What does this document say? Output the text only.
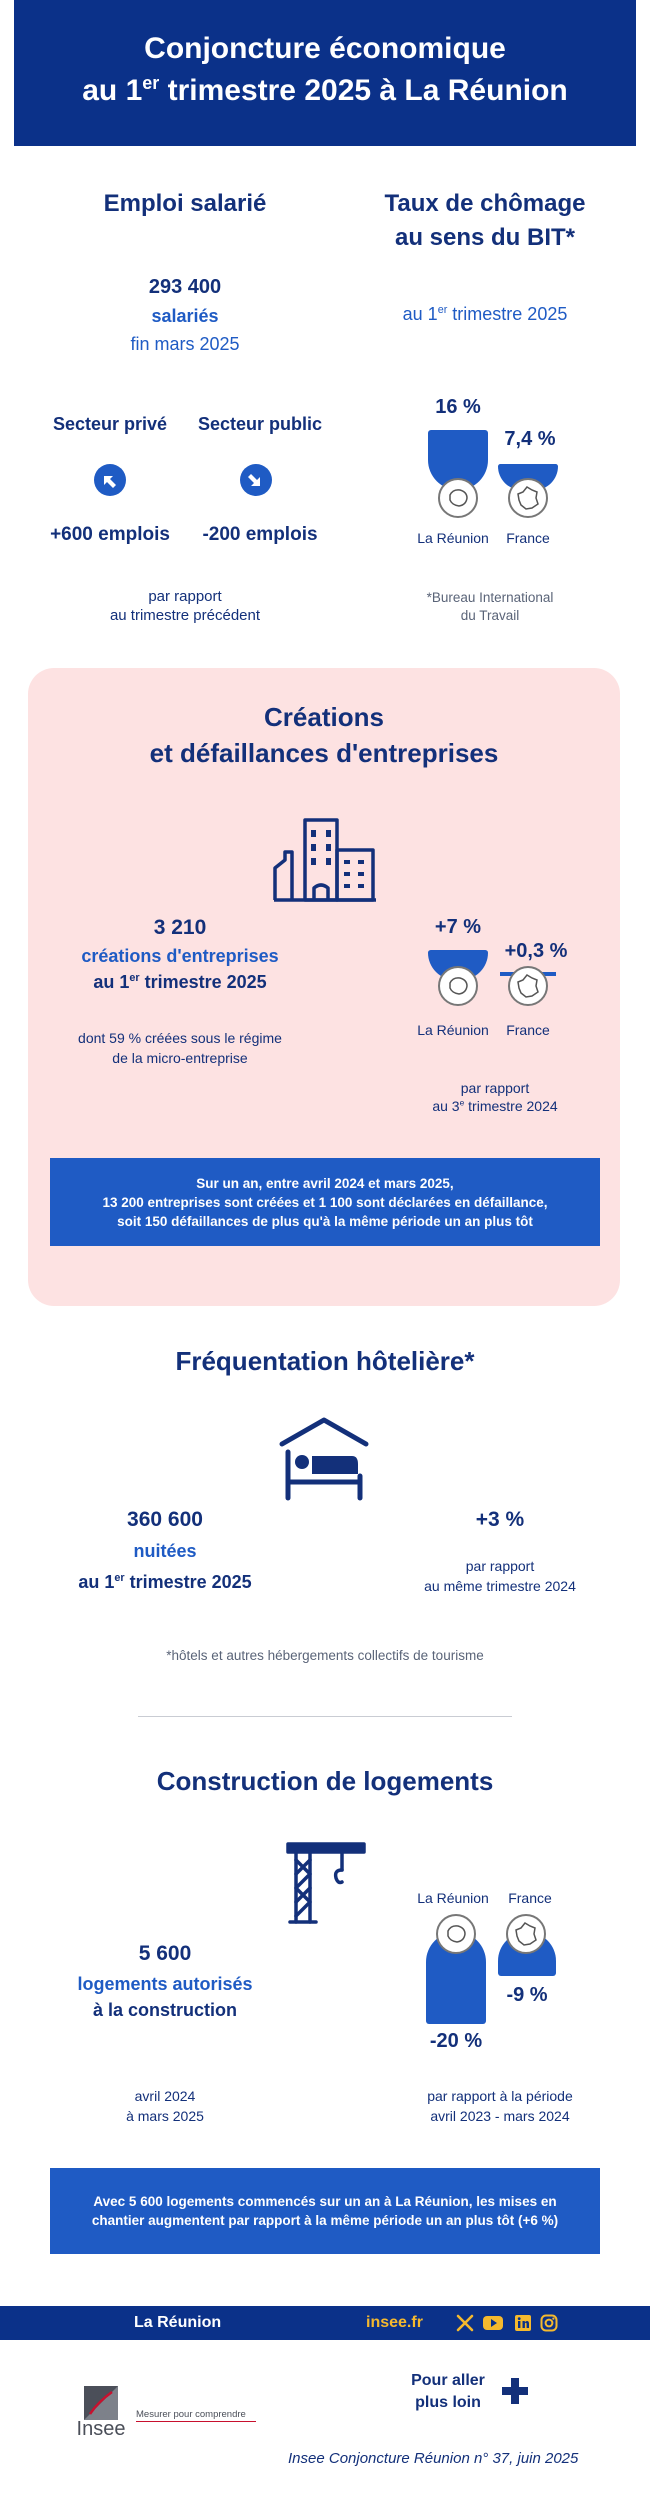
Conjoncture économique
au 1er trimestre 2025 à La Réunion
Emploi salarié
293 400
salariés
fin mars 2025
Secteur privé	Secteur public
+600 emplois	-200 emplois
par rapport
au trimestre précédent
Taux de chômage
au sens du BIT*
au 1er trimestre 2025
16 %
7,4 %
La Réunion	France
*Bureau International
du Travail
Créations
et défaillances d'entreprises
3 210
créations d'entreprises
au 1er trimestre 2025
dont 59 % créées sous le régime
de la micro-entreprise
+7 %
+0,3 %
La Réunion	France
par rapport
au 3e trimestre 2024
Sur un an, entre avril 2024 et mars 2025,
13 200 entreprises sont créées et 1 100 sont déclarées en défaillance,
soit 150 défaillances de plus qu'à la même période un an plus tôt
Fréquentation hôtelière*
360 600
nuitées
au 1er trimestre 2025
+3 %
par rapport
au même trimestre 2024
*hôtels et autres hébergements collectifs de tourisme
Construction de logements
5 600
logements autorisés
à la construction
avril 2024
à mars 2025
La Réunion	France
-20 %
-9 %
par rapport à la période
avril 2023 - mars 2024
Avec 5 600 logements commencés sur un an à La Réunion, les mises en
chantier augmentent par rapport à la même période un an plus tôt (+6 %)
La Réunion	insee.fr
Insee
Mesurer pour comprendre
Pour aller
plus loin
Insee Conjoncture Réunion n° 37, juin 2025
